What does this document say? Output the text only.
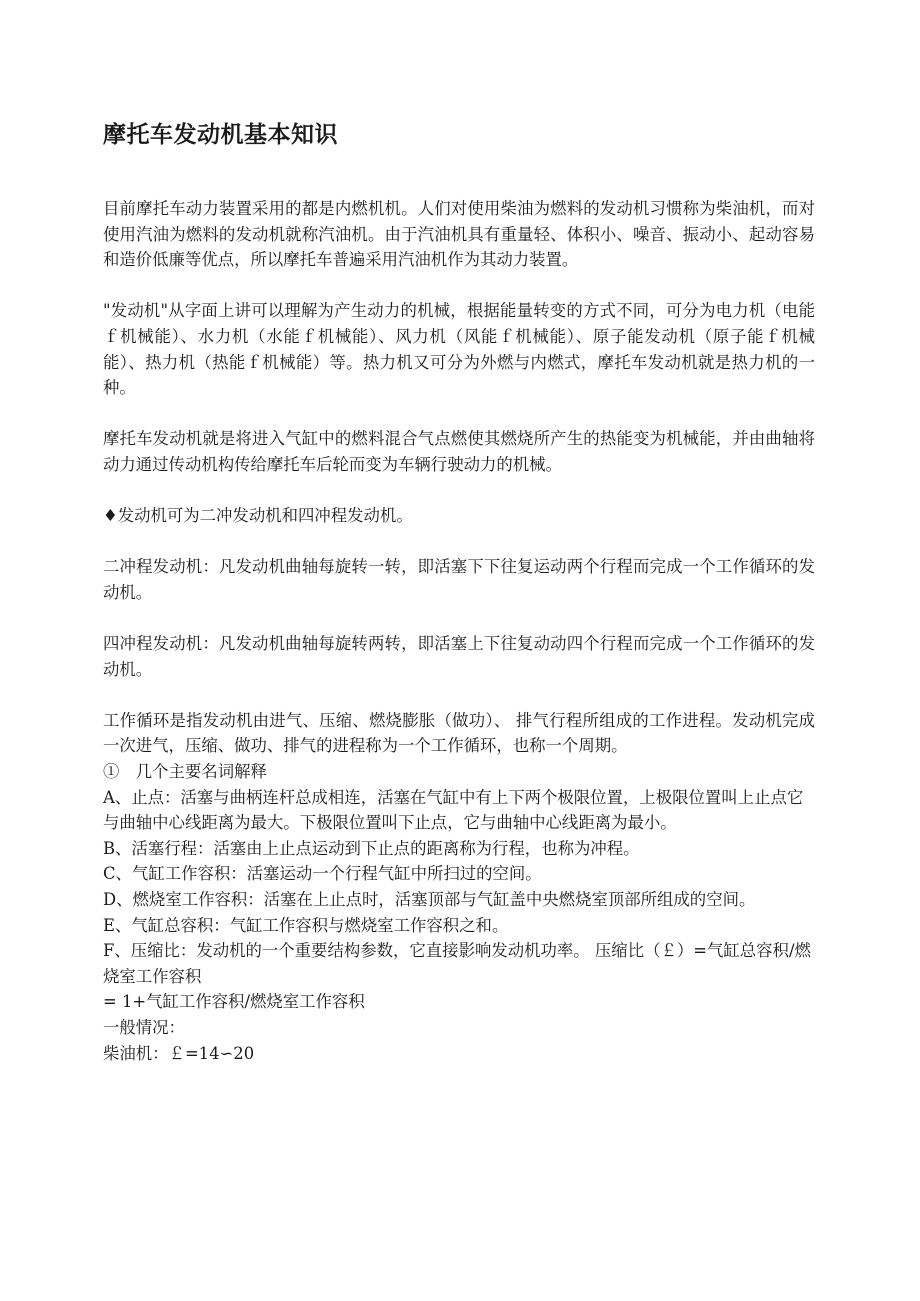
摩托车发动机基本知识

目前摩托车动力装置采用的都是内燃机机。人们对使用柴油为燃料的发动机习惯称为柴油机，而对使用汽油为燃料的发动机就称汽油机。由于汽油机具有重量轻、体积小、噪音、振动小、起动容易和造价低廉等优点，所以摩托车普遍采用汽油机作为其动力装置。

"发动机"从字面上讲可以理解为产生动力的机械，根据能量转变的方式不同，可分为电力机（电能ｆ机械能）、水力机（水能ｆ机械能）、风力机（风能ｆ机械能）、原子能发动机（原子能ｆ机械能）、热力机（热能ｆ机械能）等。热力机又可分为外燃与内燃式，摩托车发动机就是热力机的一种。

摩托车发动机就是将进入气缸中的燃料混合气点燃使其燃烧所产生的热能变为机械能，并由曲轴将动力通过传动机构传给摩托车后轮而变为车辆行驶动力的机械。

♦发动机可为二冲发动机和四冲程发动机。

二冲程发动机：凡发动机曲轴每旋转一转，即活塞下下往复运动两个行程而完成一个工作循环的发动机。

四冲程发动机：凡发动机曲轴每旋转两转，即活塞上下往复动动四个行程而完成一个工作循环的发动机。

工作循环是指发动机由进气、压缩、燃烧膨胀（做功）、 排气行程所组成的工作进程。发动机完成一次进气，压缩、做功、排气的进程称为一个工作循环，也称一个周期。

①　几个主要名词解释

A、止点：活塞与曲柄连杆总成相连，活塞在气缸中有上下两个极限位置，上极限位置叫上止点它与曲轴中心线距离为最大。下极限位置叫下止点，它与曲轴中心线距离为最小。

B、活塞行程：活塞由上止点运动到下止点的距离称为行程，也称为冲程。

C、气缸工作容积：活塞运动一个行程气缸中所扫过的空间。

D、燃烧室工作容积：活塞在上止点时，活塞顶部与气缸盖中央燃烧室顶部所组成的空间。

E、气缸总容积：气缸工作容积与燃烧室工作容积之和。

F、压缩比：发动机的一个重要结构参数，它直接影响发动机功率。 压缩比（￡）=气缸总容积/燃烧室工作容积

= 1+气缸工作容积/燃烧室工作容积

一般情况：

柴油机：￡=14∽20
